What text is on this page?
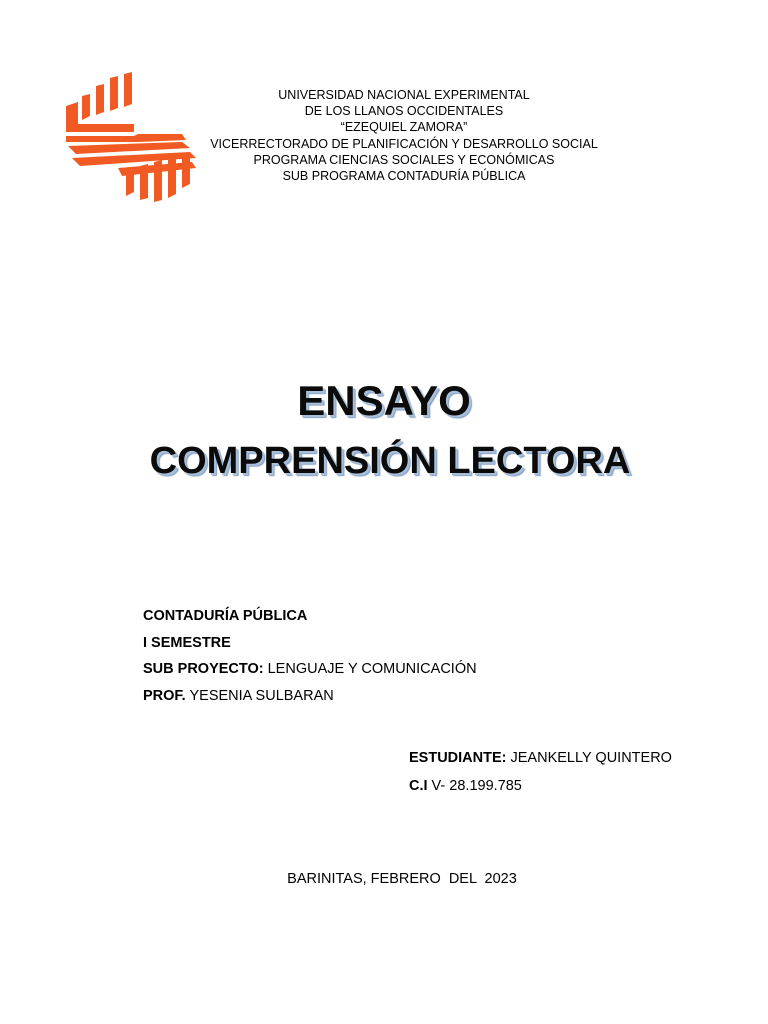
UNIVERSIDAD NACIONAL EXPERIMENTAL
DE LOS LLANOS OCCIDENTALES
“EZEQUIEL ZAMORA”
VICERRECTORADO DE PLANIFICACIÓN Y DESARROLLO SOCIAL
PROGRAMA CIENCIAS SOCIALES Y ECONÓMICAS
SUB PROGRAMA CONTADURÍA PÚBLICA
ENSAYO
COMPRENSIÓN LECTORA
CONTADURÍA PÚBLICA
I SEMESTRE
SUB PROYECTO: LENGUAJE Y COMUNICACIÓN
PROF. YESENIA SULBARAN
ESTUDIANTE: JEANKELLY QUINTERO
C.I V- 28.199.785
BARINITAS, FEBRERO  DEL  2023
